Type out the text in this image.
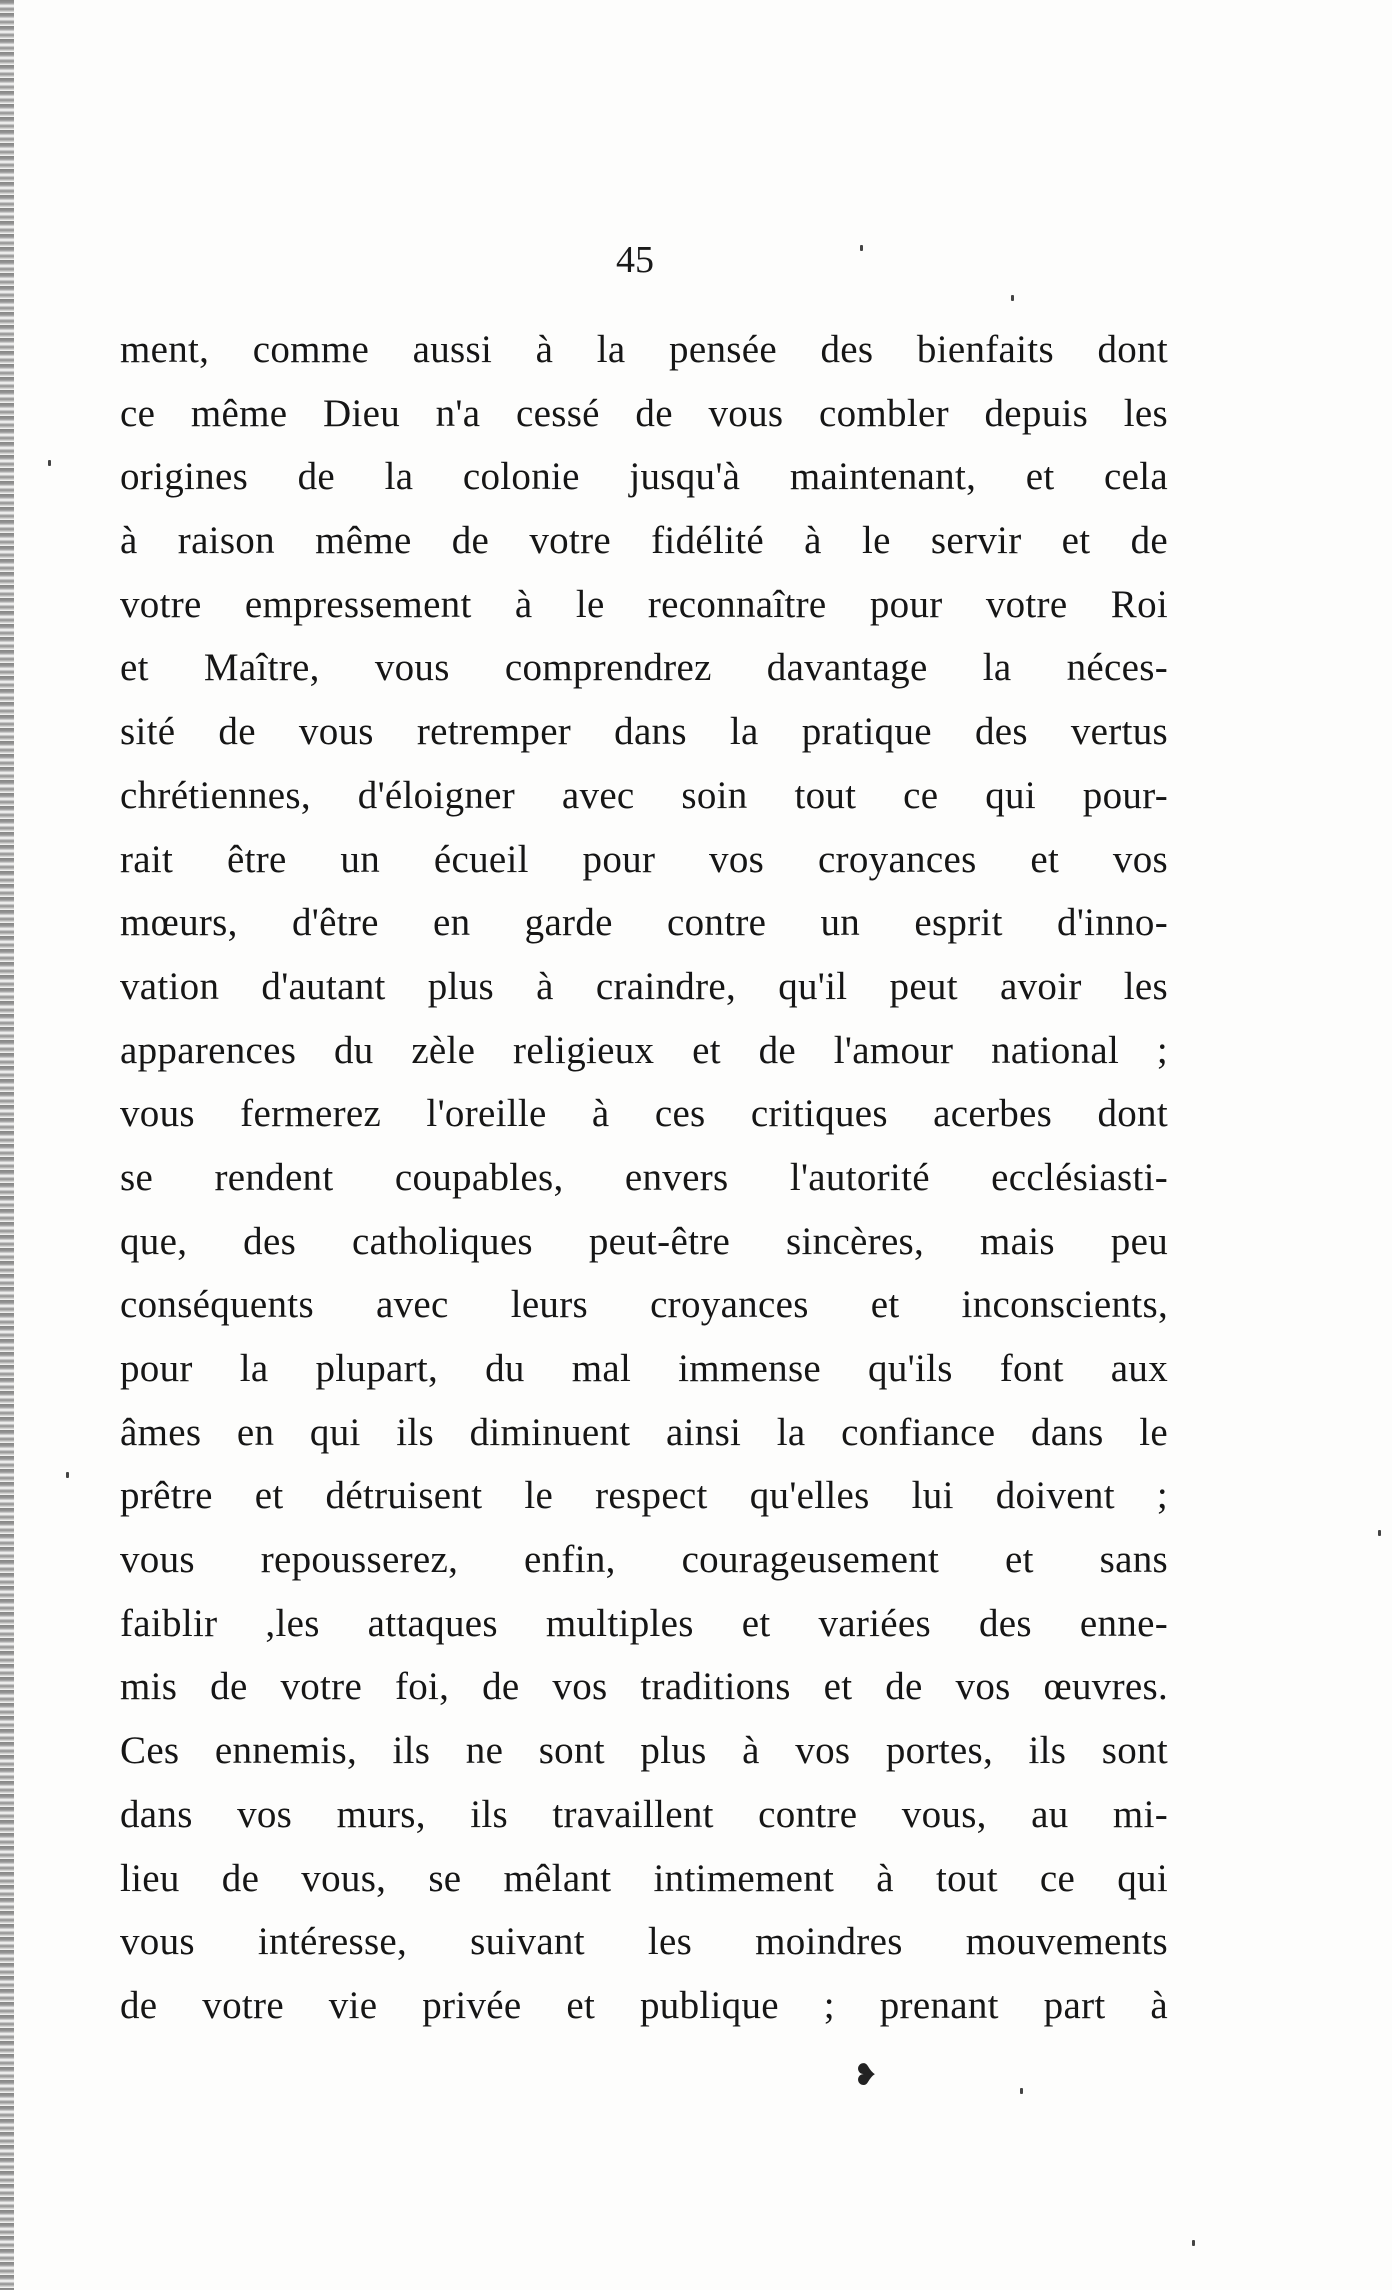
45
ment, comme aussi à la pensée des bienfaits dont
ce même Dieu n'a cessé de vous combler depuis les
origines de la colonie jusqu'à maintenant, et cela
à raison même de votre fidélité à le servir et de
votre empressement à le reconnaître pour votre Roi
et Maître, vous comprendrez davantage la néces-
sité de vous retremper dans la pratique des vertus
chrétiennes, d'éloigner avec soin tout ce qui pour-
rait être un écueil pour vos croyances et vos
mœurs, d'être en garde contre un esprit d'inno-
vation d'autant plus à craindre, qu'il peut avoir les
apparences du zèle religieux et de l'amour national ;
vous fermerez l'oreille à ces critiques acerbes dont
se rendent coupables, envers l'autorité ecclésiasti-
que, des catholiques peut-être sincères, mais peu
conséquents avec leurs croyances et inconscients,
pour la plupart, du mal immense qu'ils font aux
âmes en qui ils diminuent ainsi la confiance dans le
prêtre et détruisent le respect qu'elles lui doivent ;
vous repousserez, enfin, courageusement et sans
faiblir ,les attaques multiples et variées des enne-
mis de votre foi, de vos traditions et de vos œuvres.
Ces ennemis, ils ne sont plus à vos portes, ils sont
dans vos murs, ils travaillent contre vous, au mi-
lieu de vous, se mêlant intimement à tout ce qui
vous intéresse, suivant les moindres mouvements
de votre vie privée et publique ; prenant part à
❥
